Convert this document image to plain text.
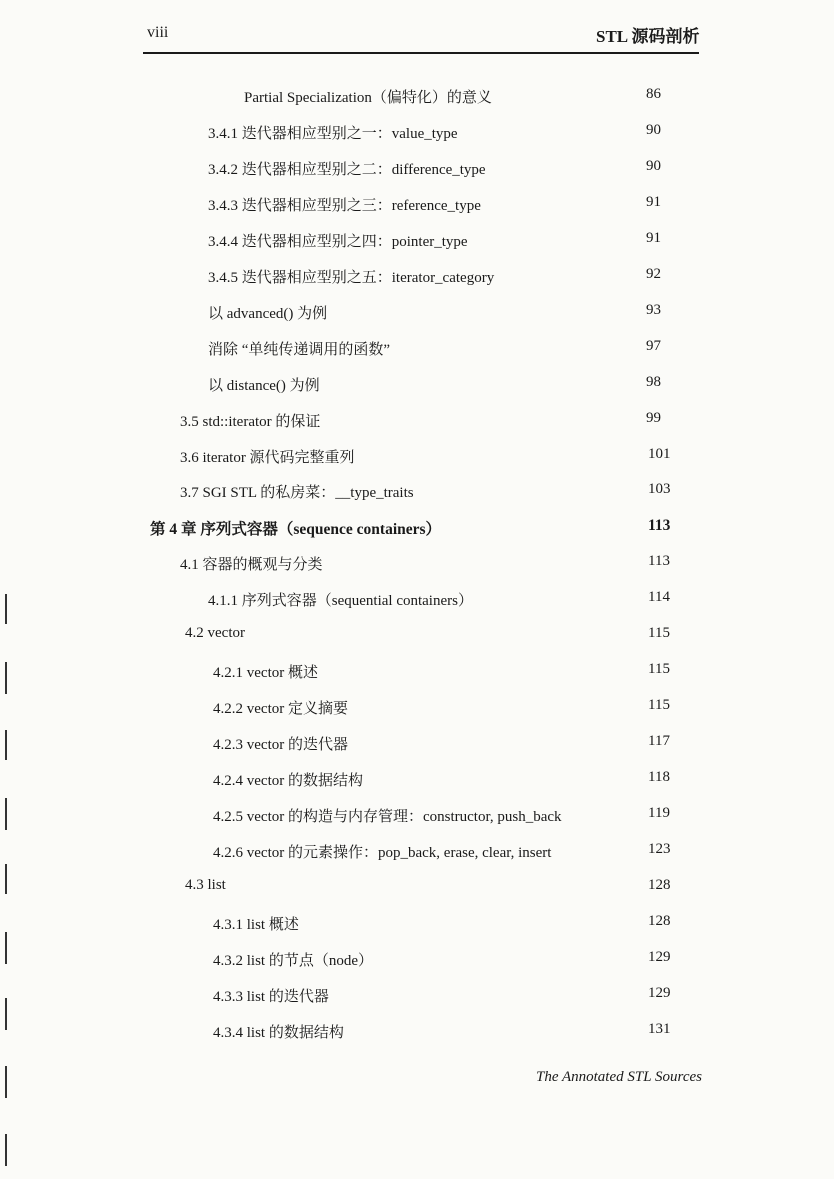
viii	STL 源码剖析
Partial Specialization（偏特化）的意义	86
3.4.1 迭代器相应型别之一：value_type	90
3.4.2 迭代器相应型别之二：difference_type	90
3.4.3 迭代器相应型别之三：reference_type	91
3.4.4 迭代器相应型别之四：pointer_type	91
3.4.5 迭代器相应型别之五：iterator_category	92
以 advanced() 为例	93
消除 “单纯传递调用的函数”	97
以 distance() 为例	98
3.5 std::iterator 的保证	99
3.6 iterator 源代码完整重列	101
3.7 SGI STL 的私房菜：__type_traits	103
第 4 章 序列式容器（sequence containers）	113
4.1 容器的概观与分类	113
4.1.1 序列式容器（sequential containers）	114
4.2 vector	115
4.2.1 vector 概述	115
4.2.2 vector 定义摘要	115
4.2.3 vector 的迭代器	117
4.2.4 vector 的数据结构	118
4.2.5 vector 的构造与内存管理：constructor, push_back	119
4.2.6 vector 的元素操作：pop_back, erase, clear, insert	123
4.3 list	128
4.3.1 list 概述	128
4.3.2 list 的节点（node）	129
4.3.3 list 的迭代器	129
4.3.4 list 的数据结构	131
The Annotated STL Sources
